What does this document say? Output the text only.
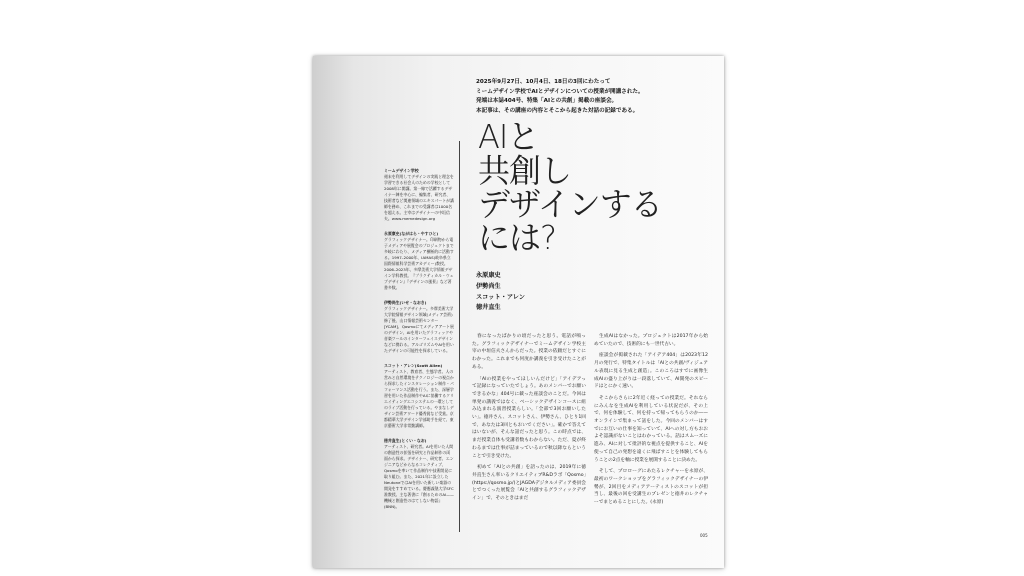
2025年9月27日、10月4日、18日の3回にわたって
ミームデザイン学校でAIとデザインについての授業が開講された。
発端は本誌404号、特集「AIとの共創」掲載の座談会。
本記事は、その講座の内容とそこから起きた対話の記録である。
AIと
共創し
デザインする
には?
永原康史
伊勢尚生
スコット・アレン
徳井直生
ミームデザイン学校
週末を利用してデザインの実践と理念を学習できる社会人のための学校として2008年に開講。第一線で活躍するデザイナー陣を中心に、編集者、研究者、技術者など関連領域のエキスパートが講師を務め、これまでの受講者は1000名を超える。主宰はデザイナーの中垣信夫。www.memedesign.org
永原康史(ながはら・やすひと)
グラフィックデザイナー。印刷物から電子メディアや展覧会のプロジェクトまで多岐にわたり、メディア横断的に活動する。1997–2000年、IAMAS(岐阜県立国際情報科学芸術アカデミー)教授。2006–2023年、多摩美術大学情報デザイン学科教授。『プラクティカル・ウェブデザイン』『デザインの風景』など著書多数。
伊勢尚生(いせ・なおき)
グラフィックデザイナー。多摩美術大学大学院情報デザイン領域(メディア芸術)修了後、山口情報芸術センター[YCAM]、Qosmoにてメディアアート展のデザイン、AIを用いたグラフィックや音楽ツールのインターフェイスデザインなどに携わる。アルゴリズムやAIを用いたデザインの可能性を探求している。
スコット・アレン(Scott Allen)
アーティスト、教育者、生態学者。人の営みと自然環境をテクノロジーの視点から探求したインスタレーション制作・パフォーマンス活動を行う。また、深層学習を用いた作品制作やAIに協働するクリエイティングエコシステムの一環としてのライブ活動を行っている。やまなしデザイン芸術アワード優秀賞など受賞。京都精華大学デザイン学部助手を経て、東京藝術大学非常勤講師。
徳井直生(とくい・なお)
アーティスト、研究者。AIを用いた人間の創造性の拡張を研究と作品制作の両面から探求。デザイナー、研究者、エンジニアなどからなるコレクティブ、Qosmoを率いて作品制作や技術開発に取り組む。また、2021年に設立したNeutoneではAIを用いた新しい楽器の開発をすすめている。慶應義塾大学SFC准教授。主な著書に『創るためのAI——機械と創造性のはてしない物語』(BNN)。
春になったばかりの頃だったと思う。電話が鳴った。グラフィックデザイナーでミームデザイン学校主宰の中垣信夫さんからだった。授業の依頼だとすぐにわかった。これまでも何度か講義を引き受けたことがある。
「AIの授業をやってほしいんだけど」「アイデアって記録になっていたでしょう。あのメンバーでお願いできるかな」404号に載った座談会のことだ。今回は単発の講義ではなく、ベーシックデザインコースに組み込まれる演習授業らしい。「全部で3回お願いしたい」。徳井さん、スコットさん、伊勢さん、ひとり1回で、あなたは3回ともおいでください」。確かで答えてはいないが、そんな話だったと思う。この時点では、まだ授業自体も受講者数もわからない。ただ、夏が終わるまでは仕事が詰まっているので秋以降ならということで引き受けた。
初めて「AIとの共創」を語ったのは、2019年に徳井直生さん率いるクリエイティブR&Dラボ「Qosmo」(https://qosmo.jp/)とJAGDAデジタルメディア委員会とでつくった展覧会「AIと共創するグラフィックデザイン」で、そのときはまだ
生成AIはなかった。プロジェクトは2017年から始めていたので、技術的にも一世代古い。
座談会が掲載された「アイデア404」は2023年12月の発行で、特集タイトルは「AIとの共創/ヴィジュアル表現に見る生成と創造」。このころはすでに画像生成AIの盛り上がりは一段落していて、AI開発のスピードはとにかく速い。
そこからさらに2年近く経っての授業だ。それならにみんなを生成AIを利用している状況だが、その上で、何を体験して、何を持って帰ってもらうのか——オンラインで集まって話をした。今回のメンバーはすでにお互いの仕事を知っていて、AIへの対し方もおおよそ認識がないことはわかっている。話はスムーズに進み、AIに対して批評的な視点を提供すること、AIを使って自己の発想を遠くに飛ばすことを体験してもらうことの2点を軸に授業を展開することに決めた。
そして、プロローグにあたるレクチャーを永原が、最初のワークショップをグラフィックデザイナーの伊勢が、2回目をメディアアーティストのスコットが担当し、最後の回を受講生のプレゼンと徳井のレクチャーでまとめることにした。(永原)
005
